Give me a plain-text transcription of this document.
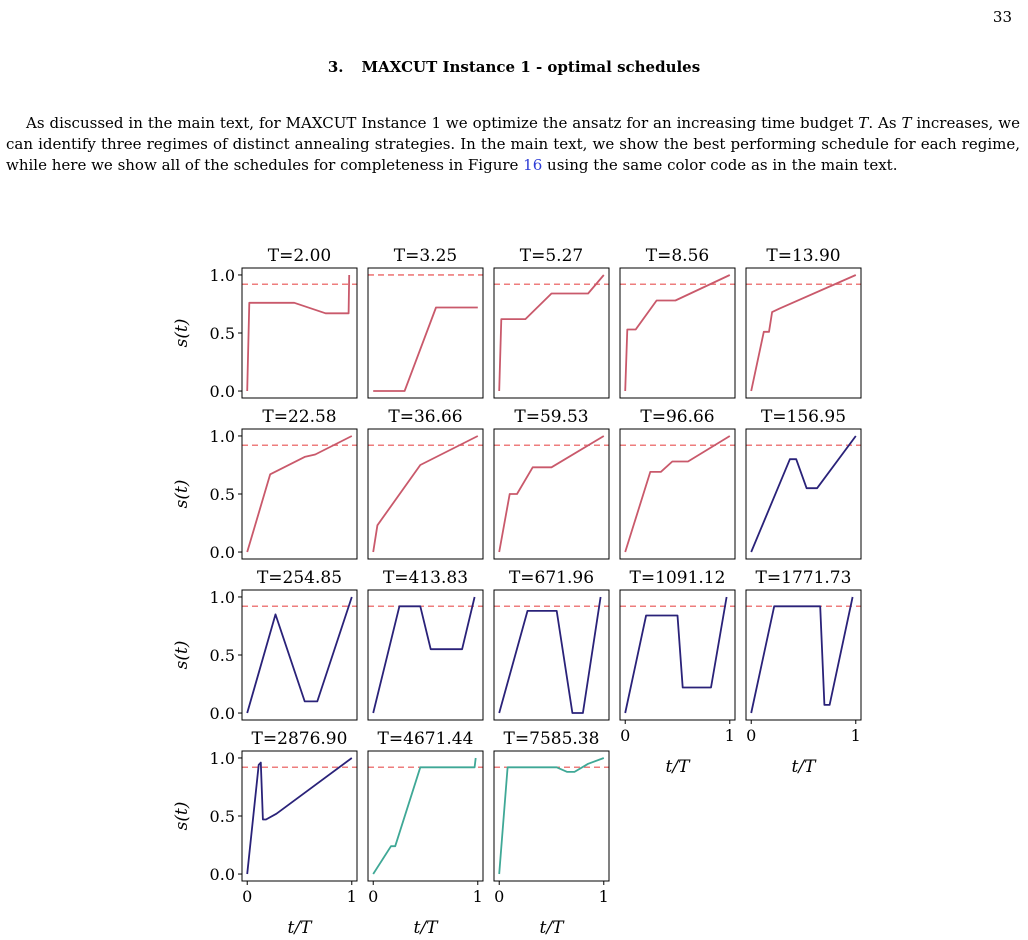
33
3. MAXCUT Instance 1 - optimal schedules

As discussed in the main text, for MAXCUT Instance 1 we optimize the ansatz for an increasing time budget T. As T increases, we can identify three regimes of distinct annealing strategies. In the main text, we show the best performing schedule for each regime, while here we show all of the schedules for completeness in Figure 16 using the same color code as in the main text.

T=2.00
1.0
0.5
0.0
s(t)
T=3.25	T=5.27	T=8.56	T=13.90
T=22.58
1.0
0.5
0.0
s(t)
T=36.66	T=59.53	T=96.66	T=156.95
T=254.85
1.0
0.5
0.0
s(t)
T=413.83 T=671.96 T=1091.12
0	1
t/T
T=1771.73
0	1
t/T
T=2876.90
1.0
0.5
0.0
s(t)
0	1
t/T
T=4671.44
0	1
t/T
T=7585.38
0	1
t/T
